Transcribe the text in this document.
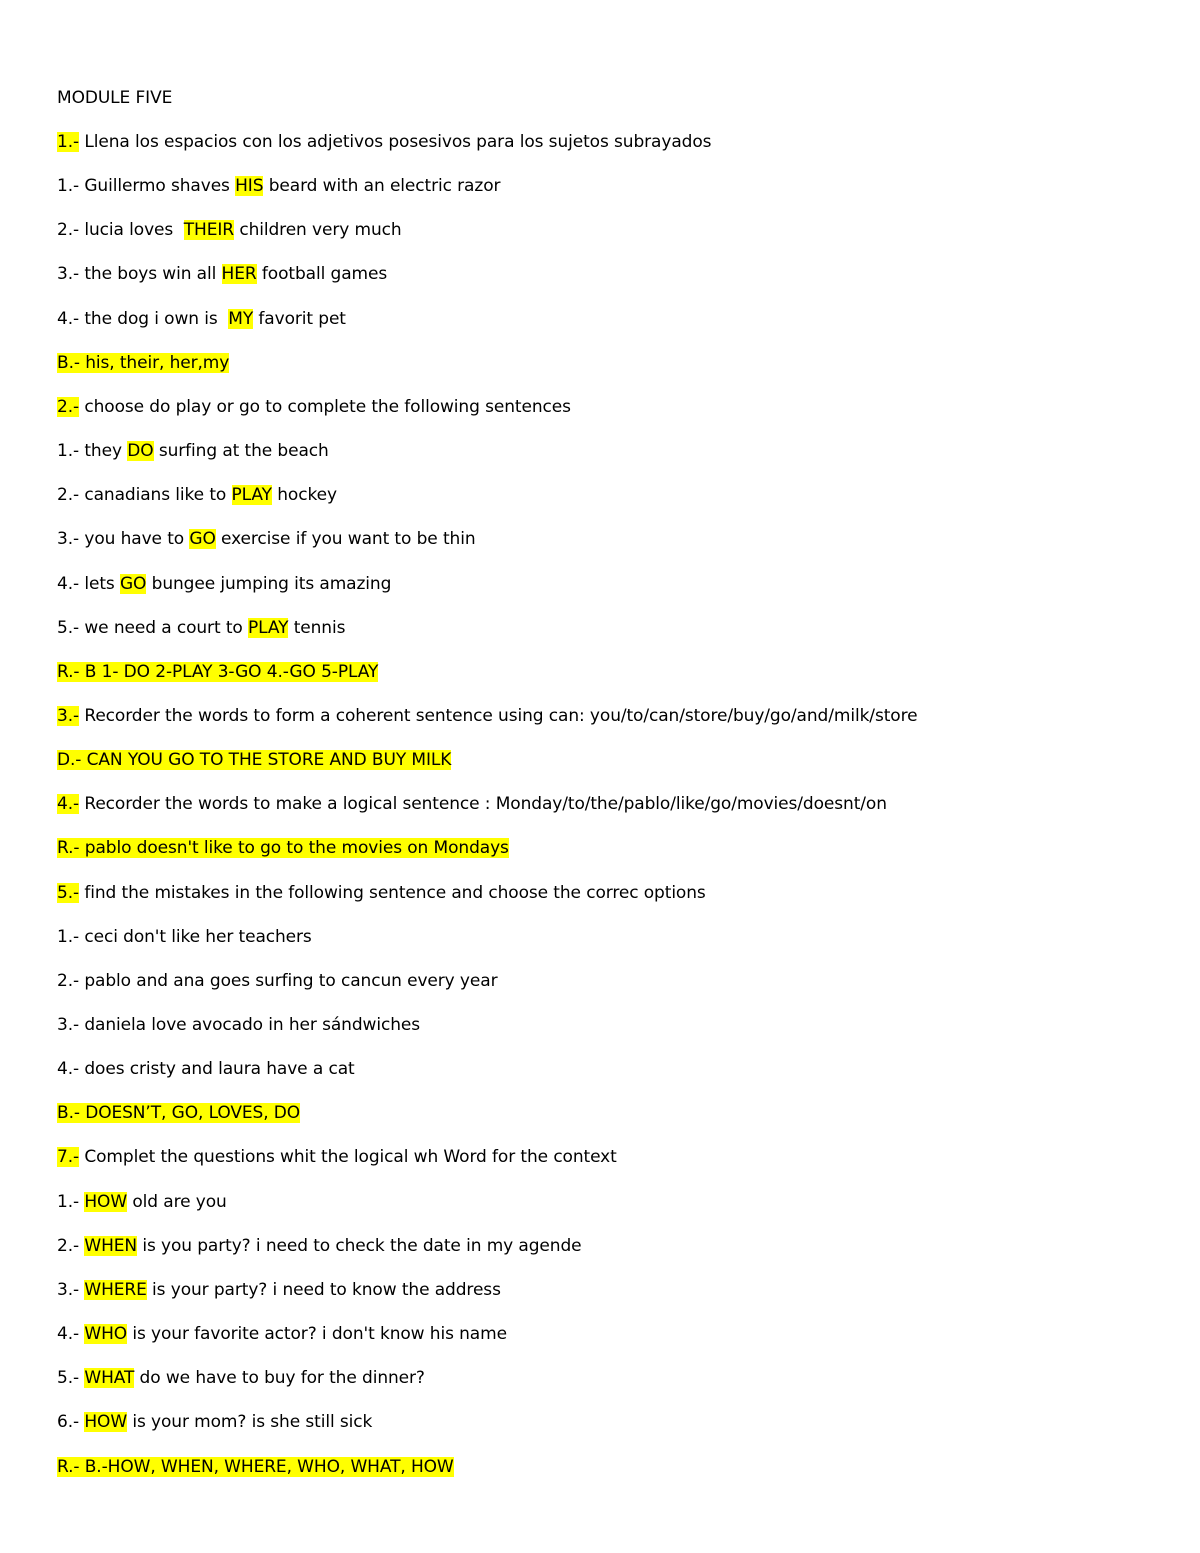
MODULE FIVE
1.- Llena los espacios con los adjetivos posesivos para los sujetos subrayados
1.- Guillermo shaves HIS beard with an electric razor
2.- lucia loves  THEIR children very much
3.- the boys win all HER football games
4.- the dog i own is  MY favorit pet
B.- his, their, her,my
2.- choose do play or go to complete the following sentences
1.- they DO surfing at the beach
2.- canadians like to PLAY hockey
3.- you have to GO exercise if you want to be thin
4.- lets GO bungee jumping its amazing
5.- we need a court to PLAY tennis
R.- B 1- DO 2-PLAY 3-GO 4.-GO 5-PLAY
3.- Recorder the words to form a coherent sentence using can: you/to/can/store/buy/go/and/milk/store
D.- CAN YOU GO TO THE STORE AND BUY MILK
4.- Recorder the words to make a logical sentence : Monday/to/the/pablo/like/go/movies/doesnt/on
R.- pablo doesn't like to go to the movies on Mondays
5.- find the mistakes in the following sentence and choose the correc options
1.- ceci don't like her teachers
2.- pablo and ana goes surfing to cancun every year
3.- daniela love avocado in her sándwiches
4.- does cristy and laura have a cat
B.- DOESN’T, GO, LOVES, DO
7.- Complet the questions whit the logical wh Word for the context
1.- HOW old are you
2.- WHEN is you party? i need to check the date in my agende
3.- WHERE is your party? i need to know the address
4.- WHO is your favorite actor? i don't know his name
5.- WHAT do we have to buy for the dinner?
6.- HOW is your mom? is she still sick
R.- B.-HOW, WHEN, WHERE, WHO, WHAT, HOW
